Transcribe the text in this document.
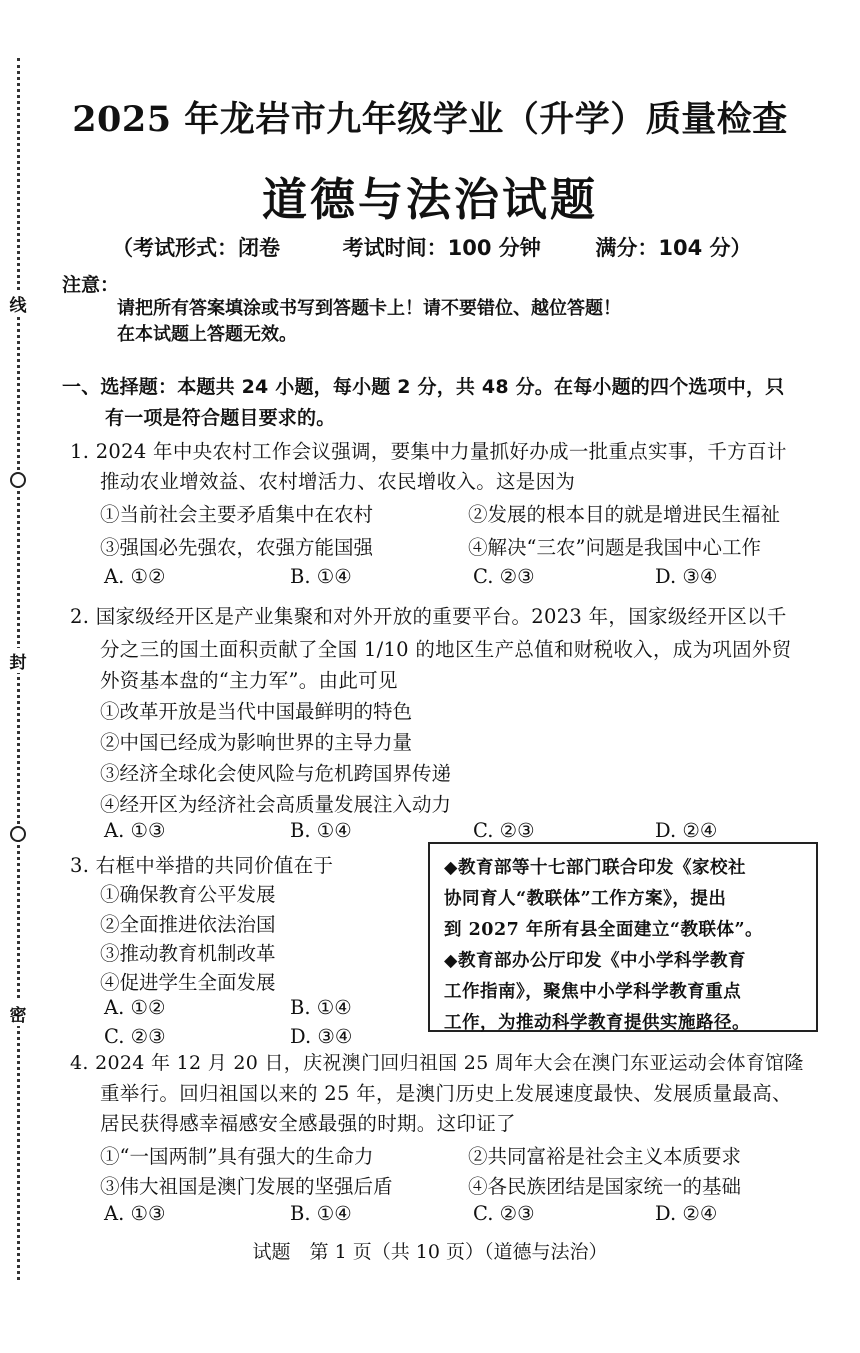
线
封
密
2025 年龙岩市九年级学业（升学）质量检查
道德与法治试题
（考试形式：闭卷	考试时间：100 分钟	满分：104 分）
注意：
请把所有答案填涂或书写到答题卡上！请不要错位、越位答题！
在本试题上答题无效。
一、选择题：本题共 24 小题，每小题 2 分，共 48 分。在每小题的四个选项中，只
有一项是符合题目要求的。
1. 2024 年中央农村工作会议强调，要集中力量抓好办成一批重点实事，千方百计
推动农业增效益、农村增活力、农民增收入。这是因为
①当前社会主要矛盾集中在农村	②发展的根本目的就是增进民生福祉
③强国必先强农，农强方能国强	④解决“三农”问题是我国中心工作
A. ①②	B. ①④	C. ②③	D. ③④
2. 国家级经开区是产业集聚和对外开放的重要平台。2023 年，国家级经开区以千
分之三的国土面积贡献了全国 1/10 的地区生产总值和财税收入，成为巩固外贸
外资基本盘的“主力军”。由此可见
①改革开放是当代中国最鲜明的特色
②中国已经成为影响世界的主导力量
③经济全球化会使风险与危机跨国界传递
④经开区为经济社会高质量发展注入动力
A. ①③	B. ①④	C. ②③	D. ②④
3. 右框中举措的共同价值在于
①确保教育公平发展
②全面推进依法治国
③推动教育机制改革
④促进学生全面发展
A. ①②	B. ①④
C. ②③	D. ③④
◆教育部等十七部门联合印发《家校社
协同育人“教联体”工作方案》，提出
到 2027 年所有县全面建立“教联体”。
◆教育部办公厅印发《中小学科学教育
工作指南》，聚焦中小学科学教育重点
工作，为推动科学教育提供实施路径。
4. 2024 年 12 月 20 日，庆祝澳门回归祖国 25 周年大会在澳门东亚运动会体育馆隆
重举行。回归祖国以来的 25 年，是澳门历史上发展速度最快、发展质量最高、
居民获得感幸福感安全感最强的时期。这印证了
①“一国两制”具有强大的生命力	②共同富裕是社会主义本质要求
③伟大祖国是澳门发展的坚强后盾	④各民族团结是国家统一的基础
A. ①③	B. ①④	C. ②③	D. ②④
试题　第 1 页（共 10 页）（道德与法治）
